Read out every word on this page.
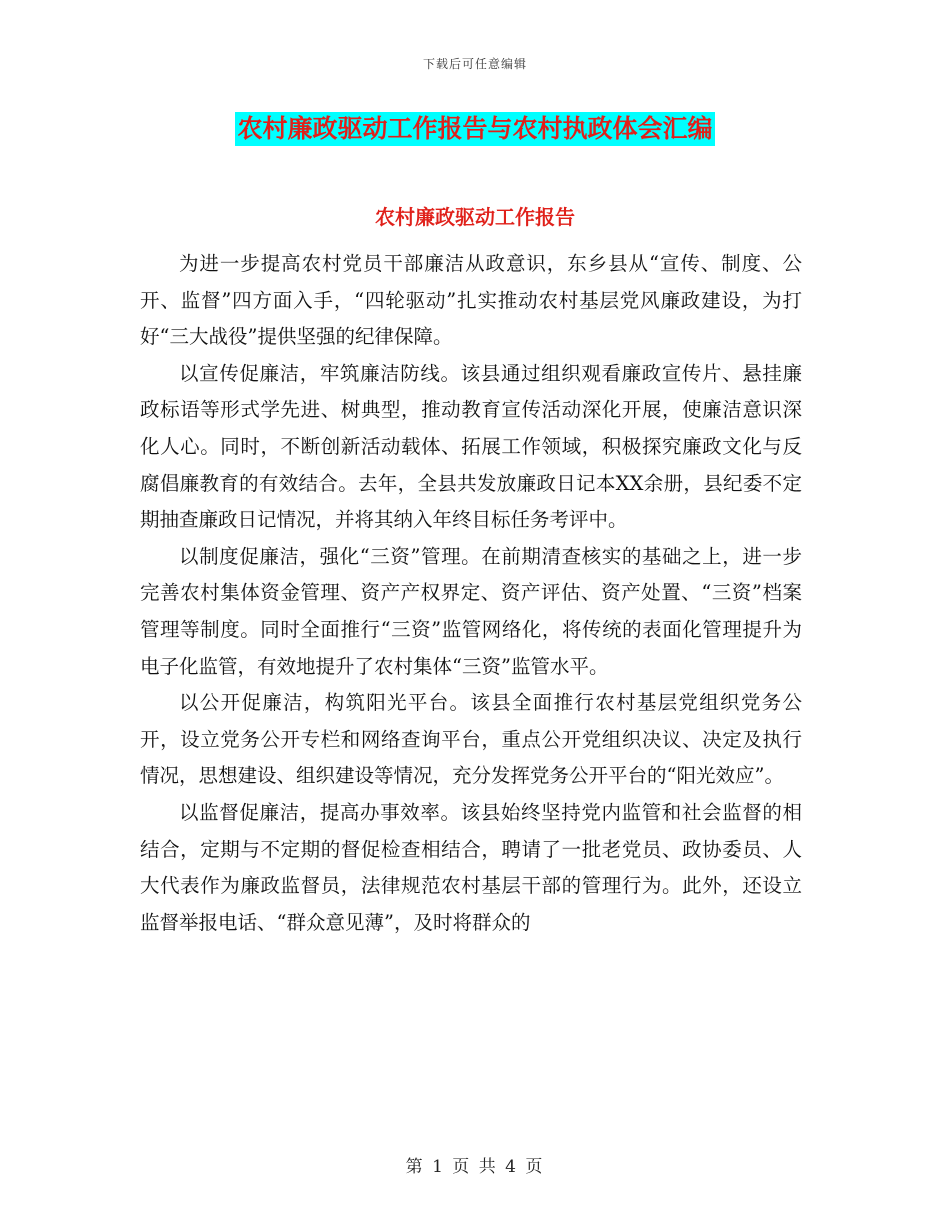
下载后可任意编辑
农村廉政驱动工作报告与农村执政体会汇编
农村廉政驱动工作报告

为进一步提高农村党员干部廉洁从政意识，东乡县从“宣传、制度、公开、监督”四方面入手，“四轮驱动”扎实推动农村基层党风廉政建设，为打好“三大战役”提供坚强的纪律保障。

以宣传促廉洁，牢筑廉洁防线。该县通过组织观看廉政宣传片、悬挂廉政标语等形式学先进、树典型，推动教育宣传活动深化开展，使廉洁意识深化人心。同时，不断创新活动载体、拓展工作领域，积极探究廉政文化与反腐倡廉教育的有效结合。去年，全县共发放廉政日记本XX余册，县纪委不定期抽查廉政日记情况，并将其纳入年终目标任务考评中。

以制度促廉洁，强化“三资”管理。在前期清查核实的基础之上，进一步完善农村集体资金管理、资产产权界定、资产评估、资产处置、“三资”档案管理等制度。同时全面推行“三资”监管网络化，将传统的表面化管理提升为电子化监管，有效地提升了农村集体“三资”监管水平。

以公开促廉洁，构筑阳光平台。该县全面推行农村基层党组织党务公开，设立党务公开专栏和网络查询平台，重点公开党组织决议、决定及执行情况，思想建设、组织建设等情况，充分发挥党务公开平台的“阳光效应”。

以监督促廉洁，提高办事效率。该县始终坚持党内监管和社会监督的相结合，定期与不定期的督促检查相结合，聘请了一批老党员、政协委员、人大代表作为廉政监督员，法律规范农村基层干部的管理行为。此外，还设立监督举报电话、“群众意见薄”，及时将群众的

第 1 页 共 4 页
